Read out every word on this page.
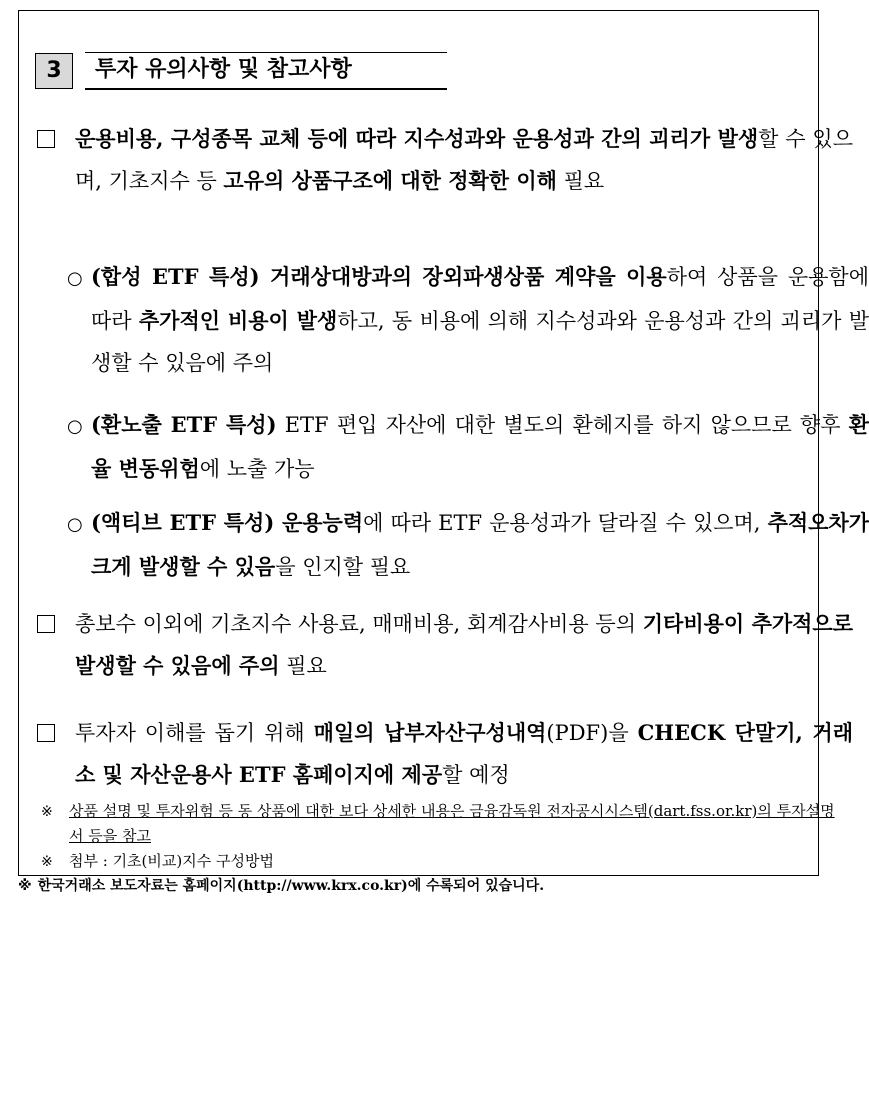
3	투자 유의사항 및 참고사항
운용비용, 구성종목 교체 등에 따라 지수성과와 운용성과 간의 괴리가 발생할 수 있으며, 기초지수 등 고유의 상품구조에 대한 정확한 이해 필요
○ (합성 ETF 특성) 거래상대방과의 장외파생상품 계약을 이용하여 상품을 운용함에 따라 추가적인 비용이 발생하고, 동 비용에 의해 지수성과와 운용성과 간의 괴리가 발생할 수 있음에 주의
○ (환노출 ETF 특성) ETF 편입 자산에 대한 별도의 환헤지를 하지 않으므로 향후 환율 변동위험에 노출 가능
○ (액티브 ETF 특성) 운용능력에 따라 ETF 운용성과가 달라질 수 있으며, 추적오차가 크게 발생할 수 있음을 인지할 필요
총보수 이외에 기초지수 사용료, 매매비용, 회계감사비용 등의 기타비용이 추가적으로 발생할 수 있음에 주의 필요
투자자 이해를 돕기 위해 매일의 납부자산구성내역(PDF)을 CHECK 단말기, 거래소 및 자산운용사 ETF 홈페이지에 제공할 예정
※ 상품 설명 및 투자위험 등 동 상품에 대한 보다 상세한 내용은 금융감독원 전자공시시스템(dart.fss.or.kr)의 투자설명서 등을 참고
※ 첨부 : 기초(비교)지수 구성방법
※ 한국거래소 보도자료는 홈페이지(http://www.krx.co.kr)에 수록되어 있습니다.
